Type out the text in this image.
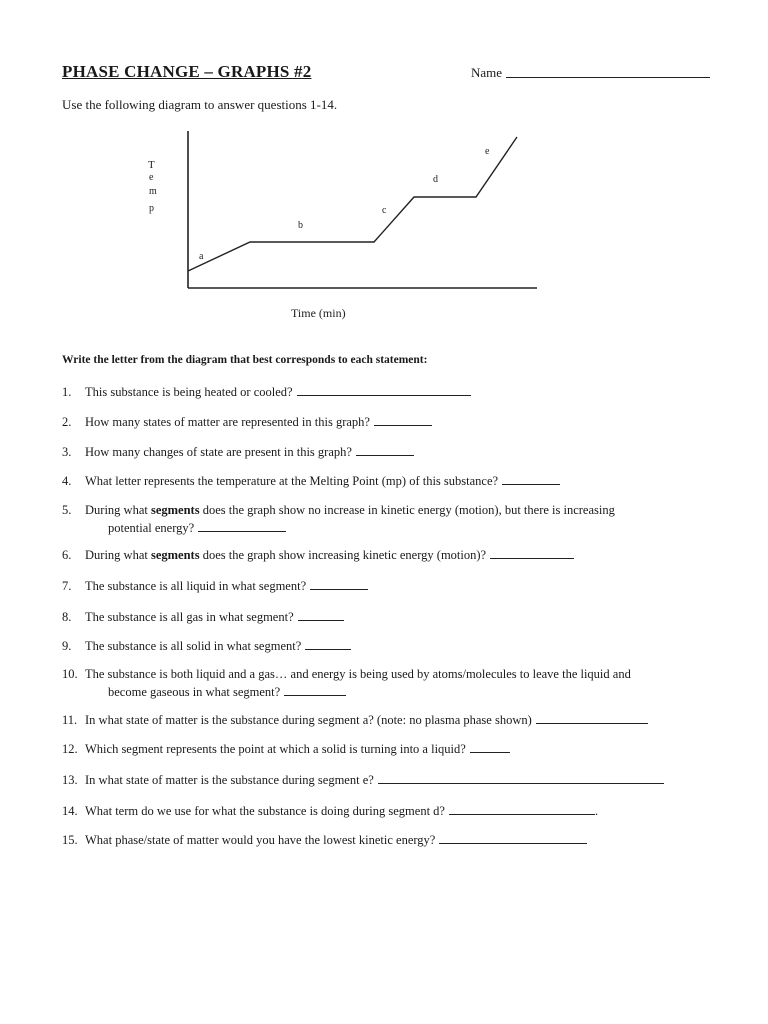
PHASE CHANGE – GRAPHS #2	Name
Use the following diagram to answer questions 1-14.
T
e
m
p
a
b
c
d
e
Time (min)
Write the letter from the diagram that best corresponds to each statement:
1. This substance is being heated or cooled?
2. How many states of matter are represented in this graph?
3. How many changes of state are present in this graph?
4. What letter represents the temperature at the Melting Point (mp) of this substance?
5. During what segments does the graph show no increase in kinetic energy (motion), but there is increasing
potential energy?
6. During what segments does the graph show increasing kinetic energy (motion)?
7. The substance is all liquid in what segment?
8. The substance is all gas in what segment?
9. The substance is all solid in what segment?
10. The substance is both liquid and a gas… and energy is being used by atoms/molecules to leave the liquid and
become gaseous in what segment?
11. In what state of matter is the substance during segment a? (note: no plasma phase shown)
12. Which segment represents the point at which a solid is turning into a liquid?
13. In what state of matter is the substance during segment e?
14. What term do we use for what the substance is doing during segment d?	.
15. What phase/state of matter would you have the lowest kinetic energy?
